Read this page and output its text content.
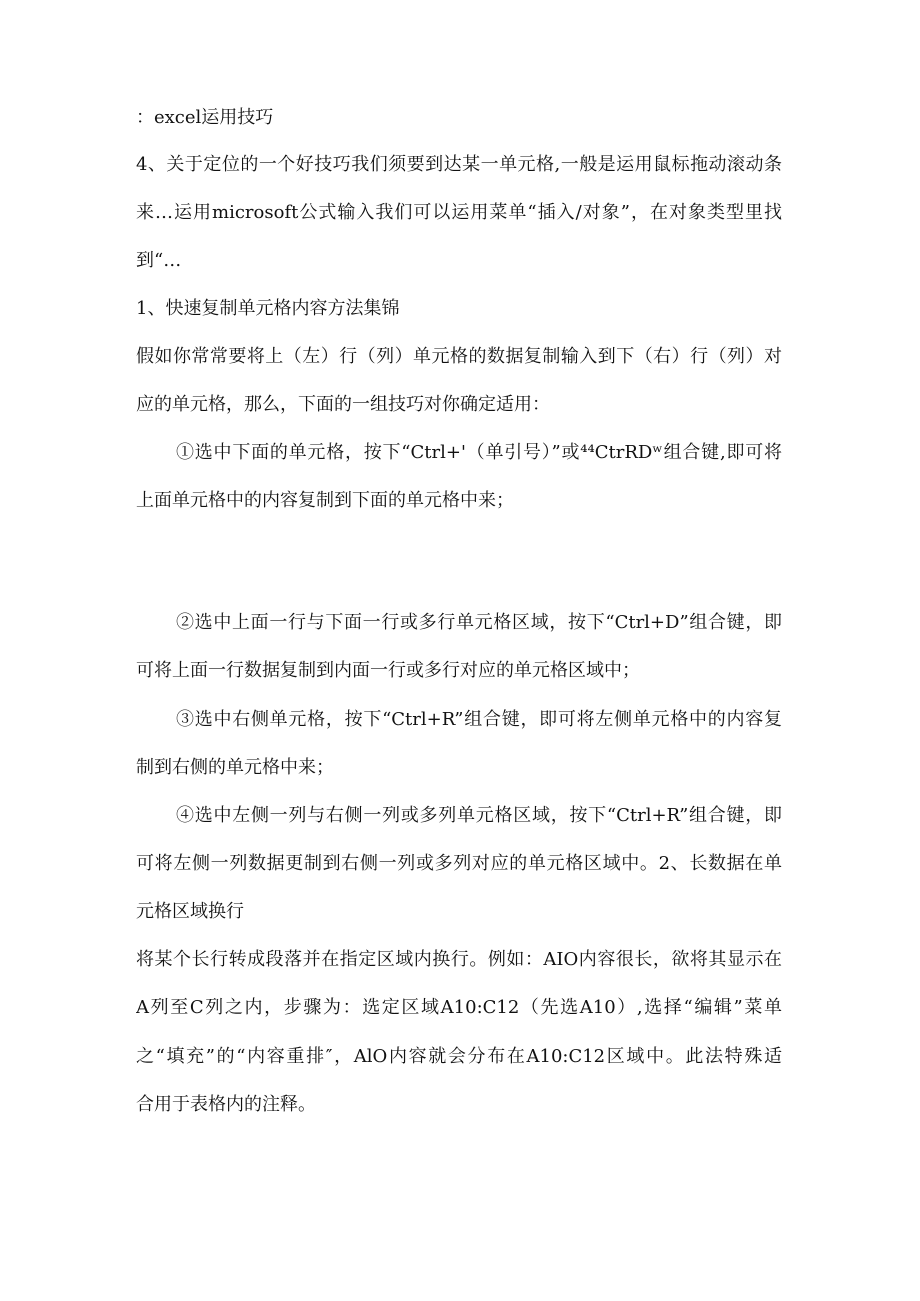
：excel运用技巧
4、关于定位的一个好技巧我们须要到达某一单元格,一般是运用鼠标拖动滚动条
来…运用microsoft公式输入我们可以运用菜单“插入/对象”，在对象类型里找
到“…
1、快速复制单元格内容方法集锦
假如你常常要将上（左）行（列）单元格的数据复制输入到下（右）行（列）对
应的单元格，那么，下面的一组技巧对你确定适用：
①选中下面的单元格，按下“Ctrl+'（单引号）”或⁴⁴CtrRDʷ组合键,即可将
上面单元格中的内容复制到下面的单元格中来；
②选中上面一行与下面一行或多行单元格区域，按下“Ctrl+D”组合键，即
可将上面一行数据复制到内面一行或多行对应的单元格区域中；
③选中右侧单元格，按下“Ctrl+R”组合键，即可将左侧单元格中的内容复
制到右侧的单元格中来；
④选中左侧一列与右侧一列或多列单元格区域，按下“Ctrl+R”组合键，即
可将左侧一列数据更制到右侧一列或多列对应的单元格区域中。2、长数据在单
元格区域换行
将某个长行转成段落并在指定区域内换行。例如：AIO内容很长，欲将其显示在
A列至C列之内，步骤为：选定区域A10:C12（先选A10）,选择“编辑”菜单
之“填充”的“内容重排″，AlO内容就会分布在A10:C12区域中。此法特殊适
合用于表格内的注释。
